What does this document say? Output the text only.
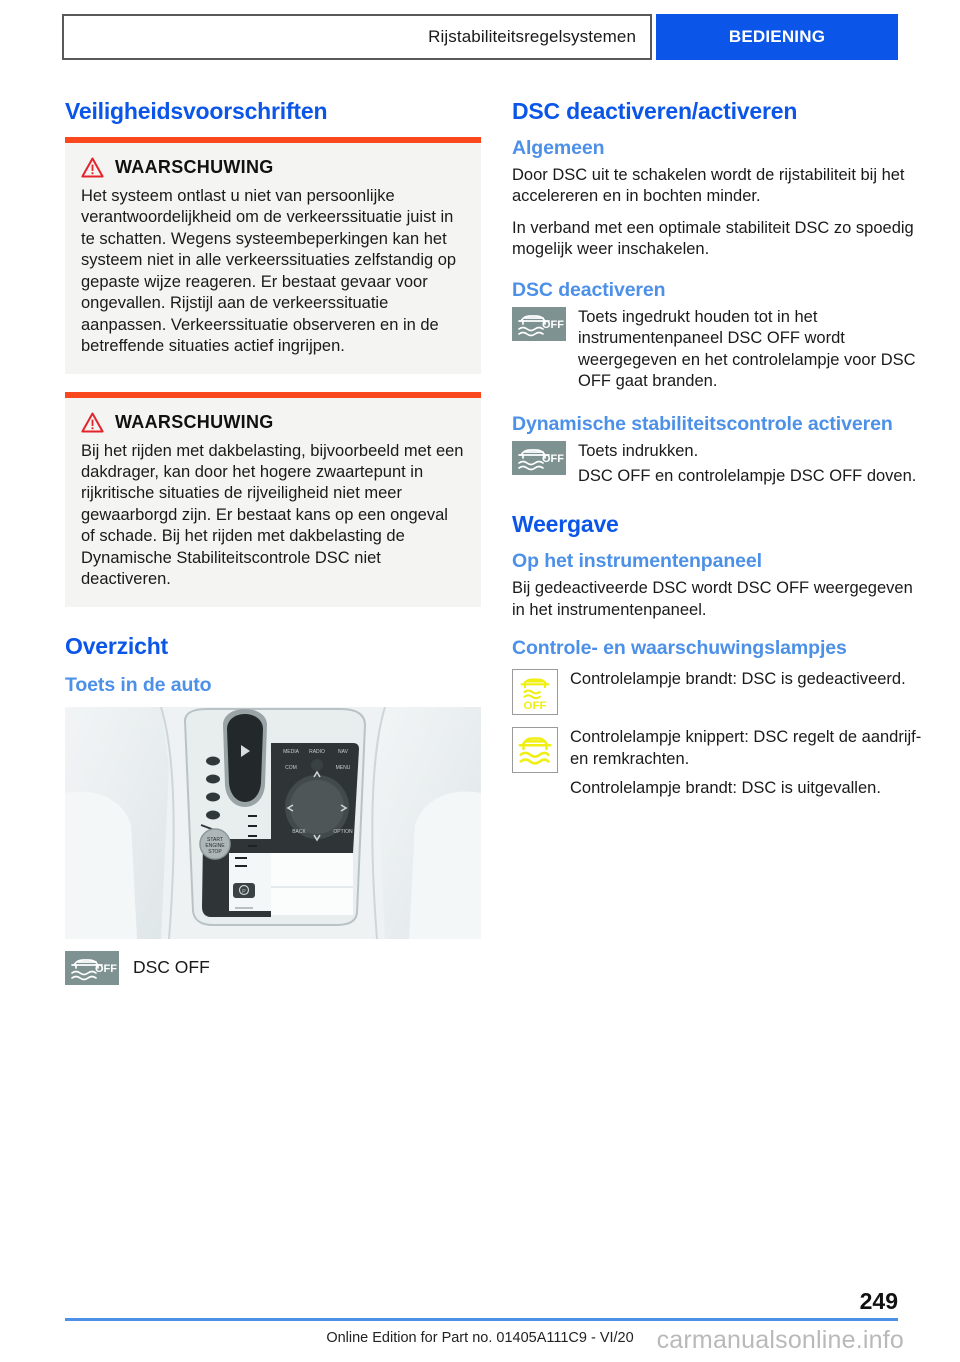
Rijstabiliteitsregelsystemen	BEDIENING
Veiligheidsvoorschriften
WAARSCHUWING

Het systeem ontlast u niet van persoonlijke verantwoordelijkheid om de verkeerssituatie juist in te schatten. Wegens systeembeperkingen kan het systeem niet in alle verkeerssituaties zelfstandig op gepaste wijze reageren. Er bestaat gevaar voor ongevallen. Rijstijl aan de verkeerssituatie aanpassen. Verkeerssituatie observeren en in de betreffende situaties actief ingrijpen.

WAARSCHUWING

Bij het rijden met dakbelasting, bijvoorbeeld met een dakdrager, kan door het hogere zwaartepunt in rijkritische situaties de rijveiligheid niet meer gewaarborgd zijn. Er bestaat kans op een ongeval of schade. Bij het rijden met dakbelasting de Dynamische Stabiliteitscontrole DSC niet deactiveren.

Overzicht
Toets in de auto
START
ENGINE
STOP
MEDIA RADIO	NAV
COM	MENU
BACK	OPTION
P
OFF DSC OFF
DSC deactiveren/activeren
Algemeen

Door DSC uit te schakelen wordt de rijstabiliteit bij het accelereren en in bochten minder.

In verband met een optimale stabiliteit DSC zo spoedig mogelijk weer inschakelen.

DSC deactiveren
OFF Toets ingedrukt houden tot in het instrumentenpaneel DSC OFF wordt weergegeven en het controlelampje voor DSC OFF gaat branden.
Dynamische stabiliteitscontrole activeren
OFF Toets indrukken.
DSC OFF en controlelampje DSC OFF doven.
Weergave
Op het instrumentenpaneel

Bij gedeactiveerde DSC wordt DSC OFF weergegeven in het instrumentenpaneel.

Controle- en waarschuwingslampjes
OFF
Controlelampje brandt: DSC is gedeactiveerd.
Controlelampje knippert: DSC regelt de aandrijf- en remkrachten.
Controlelampje brandt: DSC is uitgevallen.
249
Online Edition for Part no. 01405A111C9 - VI/20 carmanualsonline.info
